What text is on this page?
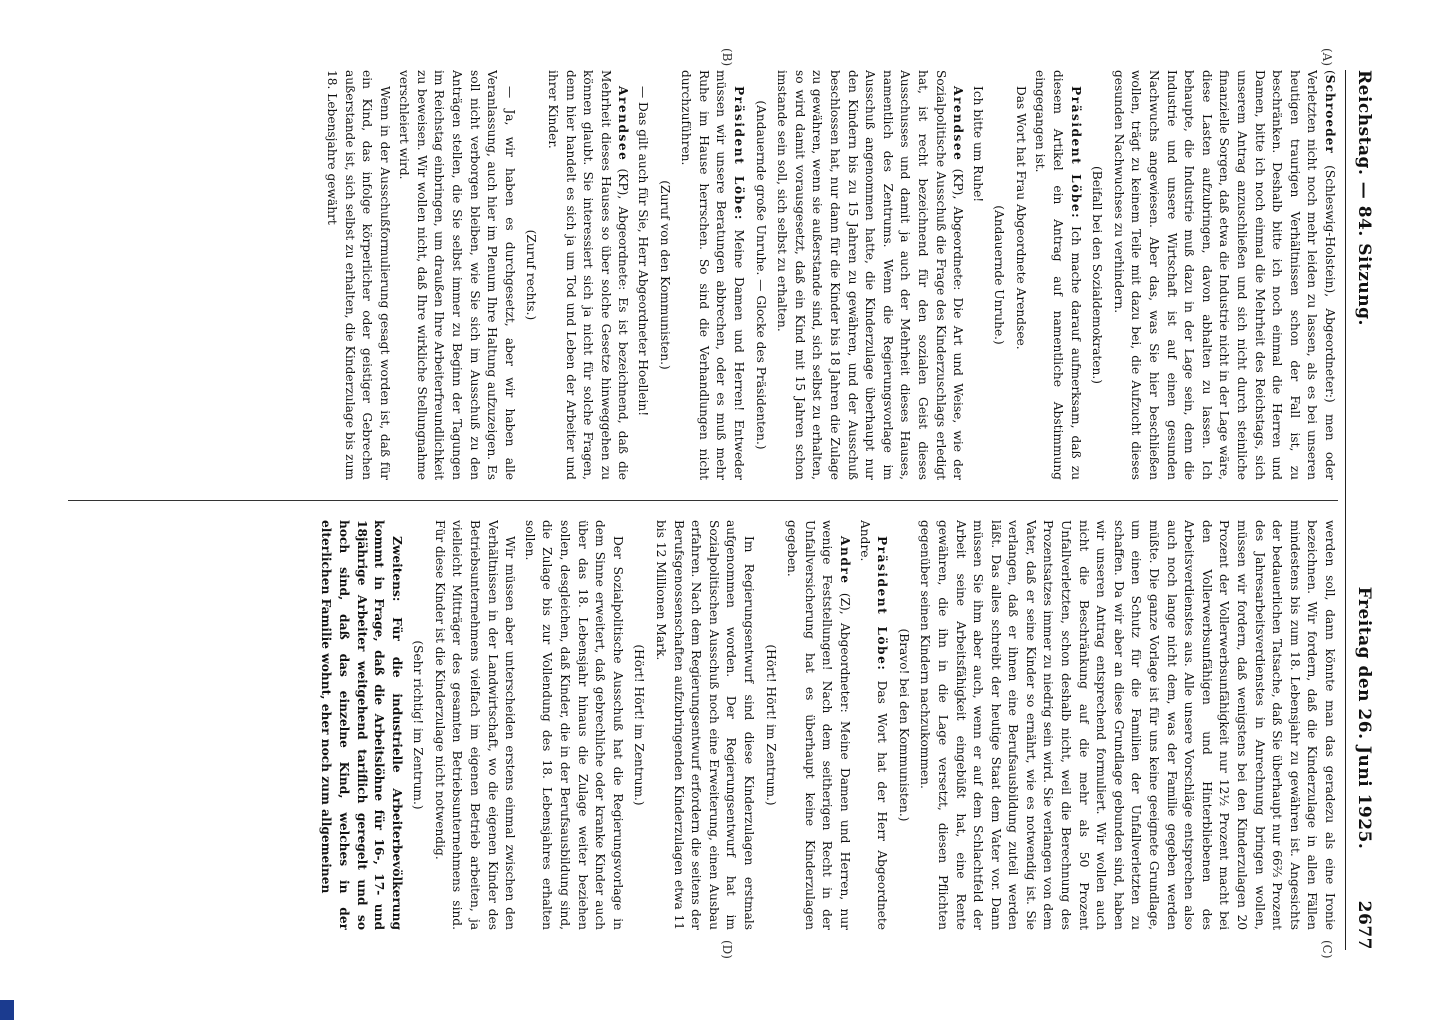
Reichstag. — 84. Sitzung.
Freitag den 26. Juni 1925.        2677
(A)
(B)
(C)
(D)

(Schroeder (Schleswig-Holstein), Abgeordneter:) men oder Verletzten nicht noch mehr leiden zu lassen, als es bei unseren heutigen traurigen Verhältnissen schon der Fall ist, zu beschränken. Deshalb bitte ich noch einmal die Herren und Damen, bitte ich noch einmal die Mehrheit des Reichstags, sich unserem Antrag anzuschließen und sich nicht durch steinliche finanzielle Sorgen, daß etwa die Industrie nicht in der Lage wäre, diese Lasten aufzubringen, davon abhalten zu lassen. Ich behaupte, die Industrie muß dazu in der Lage sein, denn die Industrie und unsere Wirtschaft ist auf einen gesunden Nachwuchs angewiesen. Aber das, was Sie hier beschließen wollen, trägt zu keinem Teile mit dazu bei, die Aufzucht dieses gesunden Nachwuchses zu verhindern.

(Beifall bei den Sozialdemokraten.)

Präsident Löbe: Ich mache darauf aufmerksam, daß zu diesem Artikel ein Antrag auf namentliche Abstimmung eingegangen ist.

Das Wort hat Frau Abgeordnete Arendsee.

(Andauernde Unruhe.)

Ich bitte um Ruhe!

Arendsee (KP), Abgeordnete: Die Art und Weise, wie der Sozialpolitische Ausschuß die Frage des Kinderzuschlags erledigt hat, ist recht bezeichnend für den sozialen Geist dieses Ausschusses und damit ja auch der Mehrheit dieses Hauses, namentlich des Zentrums. Wenn die Regierungsvorlage im Ausschuß angenommen hatte, die Kinderzulage überhaupt nur den Kindern bis zu 15 Jahren zu gewähren, und der Ausschuß beschlossen hat, nur dann für die Kinder bis 18 Jahren die Zulage zu gewähren, wenn sie außerstande sind, sich selbst zu erhalten, so wird damit vorausgesetzt, daß ein Kind mit 15 Jahren schon imstande sein soll, sich selbst zu erhalten.

(Andauernde große Unruhe. — Glocke des Präsidenten.)

Präsident Löbe: Meine Damen und Herren! Entweder müssen wir unsere Beratungen abbrechen, oder es muß mehr Ruhe im Hause herrschen. So sind die Verhandlungen nicht durchzuführen.

(Zuruf von den Kommunisten.)

— Das gilt auch für Sie, Herr Abgeordneter Hoellein!

Arendsee (KP), Abgeordnete: Es ist bezeichnend, daß die Mehrheit dieses Hauses so über solche Gesetze hinweggehen zu können glaubt. Sie interessiert sich ja nicht für solche Fragen, denn hier handelt es sich ja um Tod und Leben der Arbeiter und ihrer Kinder.

(Zuruf rechts.)

— Ja, wir haben es durchgesetzt, aber wir haben alle Veranlassung, auch hier im Plenum Ihre Haltung aufzuzeigen. Es soll nicht verborgen bleiben, wie Sie sich im Ausschuß zu den Anträgen stellen, die Sie selbst immer zu Beginn der Tagungen im Reichstag einbringen, um draußen Ihre Arbeiterfreundlichkeit zu beweisen. Wir wollen nicht, daß Ihre wirkliche Stellungnahme verschleiert wird.

Wenn in der Ausschußformulierung gesagt worden ist, daß für ein Kind, das infolge körperlicher oder geistiger Gebrechen außerstande ist, sich selbst zu erhalten, die Kinderzulage bis zum 18. Lebensjahre gewährt

werden soll, dann könnte man das geradezu als eine Ironie bezeichnen. Wir fordern, daß die Kinderzulage in allen Fällen mindestens bis zum 18. Lebensjahr zu gewähren ist. Angesichts der bedauerlichen Tatsache, daß Sie überhaupt nur 66⅔ Prozent des Jahresarbeitsverdienstes in Anrechnung bringen wollen, müssen wir fordern, daß wenigstens bei den Kinderzulagen 20 Prozent der Vollerwerbsunfähigkeit nur 12½ Prozent macht bei den Vollerwerbsunfähigen und Hinterbliebenen des Arbeitsverdienstes aus. Alle unsere Vorschläge entsprechen also auch noch lange nicht dem, was der Familie gegeben werden müßte. Die ganze Vorlage ist für uns keine geeignete Grundlage, um einen Schutz für die Familien der Unfallverletzten zu schaffen. Da wir aber an diese Grundlage gebunden sind, haben wir unseren Antrag entsprechend formuliert. Wir wollen auch nicht die Beschränkung auf die mehr als 50 Prozent Unfallverletzten, schon deshalb nicht, weil die Berechnung des Prozentsatzes immer zu niedrig sein wird. Sie verlangen von dem Vater, daß er seine Kinder so ernährt, wie es notwendig ist. Sie verlangen, daß er ihnen eine Berufsausbildung zuteil werden läßt. Das alles schreibt der heutige Staat dem Vater vor. Dann müssen Sie ihm aber auch, wenn er auf dem Schlachtfeld der Arbeit seine Arbeitsfähigkeit eingebüßt hat, eine Rente gewähren, die ihn in die Lage versetzt, diesen Pflichten gegenüber seinen Kindern nachzukommen.

(Bravo! bei den Kommunisten.)

Präsident Löbe: Das Wort hat der Herr Abgeordnete Andre.

Andre (Z), Abgeordneter: Meine Damen und Herren, nur wenige Feststellungen! Nach dem seitherigen Recht in der Unfallversicherung hat es überhaupt keine Kinderzulagen gegeben.

(Hört! Hört! im Zentrum.)

Im Regierungsentwurf sind diese Kinderzulagen erstmals aufgenommen worden. Der Regierungsentwurf hat im Sozialpolitischen Ausschuß noch eine Erweiterung, einen Ausbau erfahren. Nach dem Regierungsentwurf erfordern die seitens der Berufsgenossenschaften aufzubringenden Kinderzulagen etwa 11 bis 12 Millionen Mark.

(Hört! Hört! im Zentrum.)

Der Sozialpolitische Ausschuß hat die Regierungsvorlage in dem Sinne erweitert, daß gebrechliche oder kranke Kinder auch über das 18. Lebensjahr hinaus die Zulage weiter beziehen sollen, desgleichen, daß Kinder, die in der Berufsausbildung sind, die Zulage bis zur Vollendung des 18. Lebensjahres erhalten sollen.

Wir müssen aber unterscheiden erstens einmal zwischen den Verhältnissen in der Landwirtschaft, wo die eigenen Kinder des Betriebsunternehmens vielfach im eigenen Betrieb arbeiten, ja vielleicht Mitträger des gesamten Betriebsunternehmens sind. Für diese Kinder ist die Kinderzulage nicht notwendig.

(Sehr richtig! im Zentrum.)

Zweitens: Für die industrielle Arbeiterbevölkerung kommt in Frage, daß die Arbeitslöhne für 16-, 17- und 18jährige Arbeiter weitgehend tariflich geregelt und so hoch sind, daß das einzelne Kind, welches in der elterlichen Familie wohnt, eher noch zum allgemeinen
